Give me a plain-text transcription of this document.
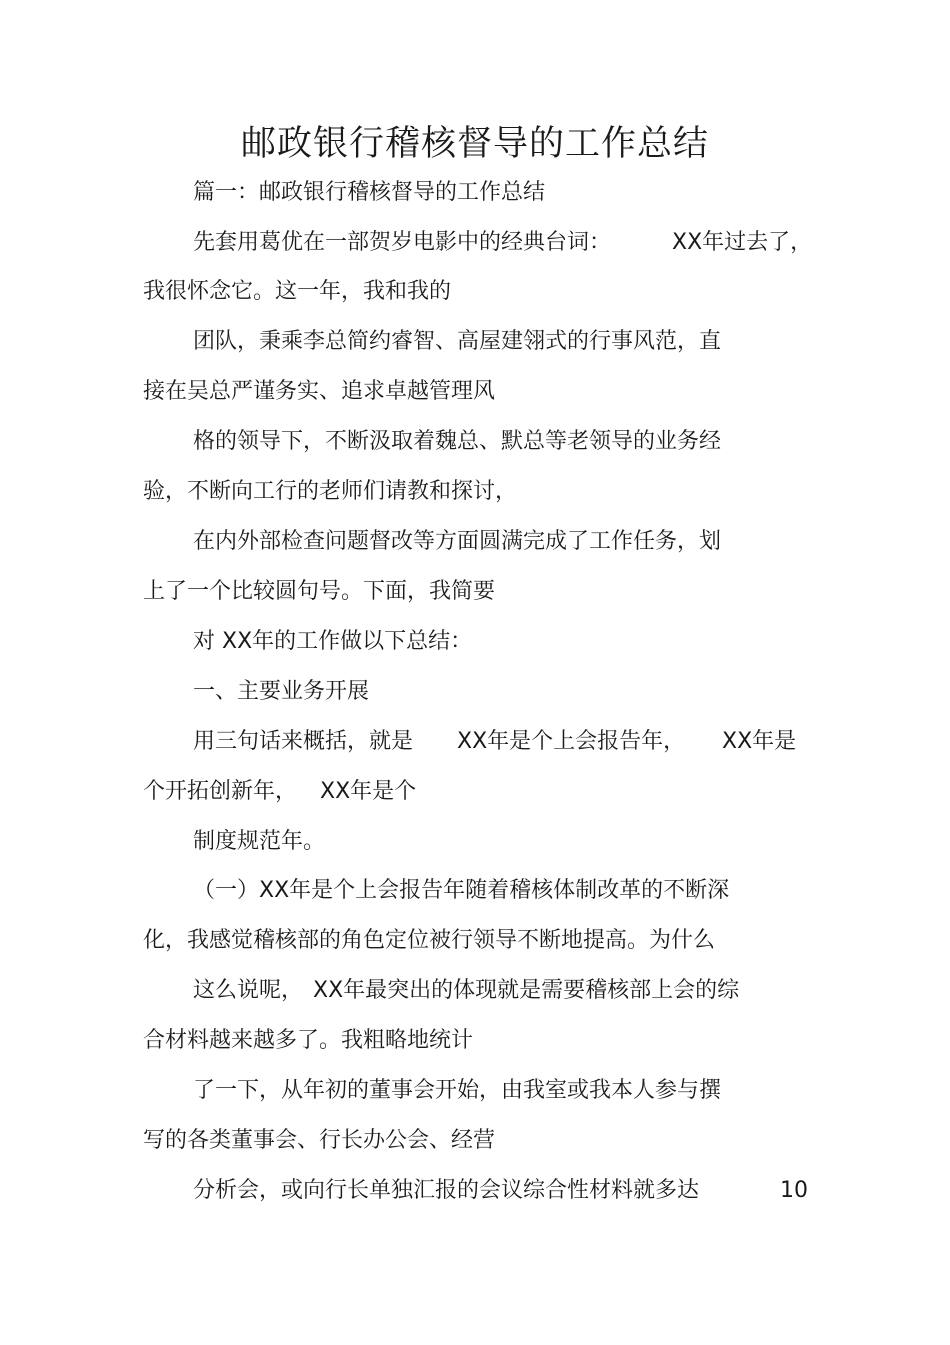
邮政银行稽核督导的工作总结
篇一：邮政银行稽核督导的工作总结
先套用葛优在一部贺岁电影中的经典台词：	XX年过去了，
我很怀念它。这一年，我和我的
团队，秉乘李总简约睿智、高屋建翎式的行事风范，直
接在吴总严谨务实、追求卓越管理风
格的领导下，不断汲取着魏总、默总等老领导的业务经
验，不断向工行的老师们请教和探讨，
在内外部检查问题督改等方面圆满完成了工作任务，划
上了一个比较圆句号。下面，我简要
对 XX年的工作做以下总结：
一、主要业务开展
用三句话来概括，就是 XX年是个上会报告年， XX年是
个开拓创新年， XX年是个
制度规范年。
（一）XX年是个上会报告年随着稽核体制改革的不断深
化，我感觉稽核部的角色定位被行领导不断地提高。为什么
这么说呢， XX年最突出的体现就是需要稽核部上会的综
合材料越来越多了。我粗略地统计
了一下，从年初的董事会开始，由我室或我本人参与撰
写的各类董事会、行长办公会、经营
分析会，或向行长单独汇报的会议综合性材料就多达	10
